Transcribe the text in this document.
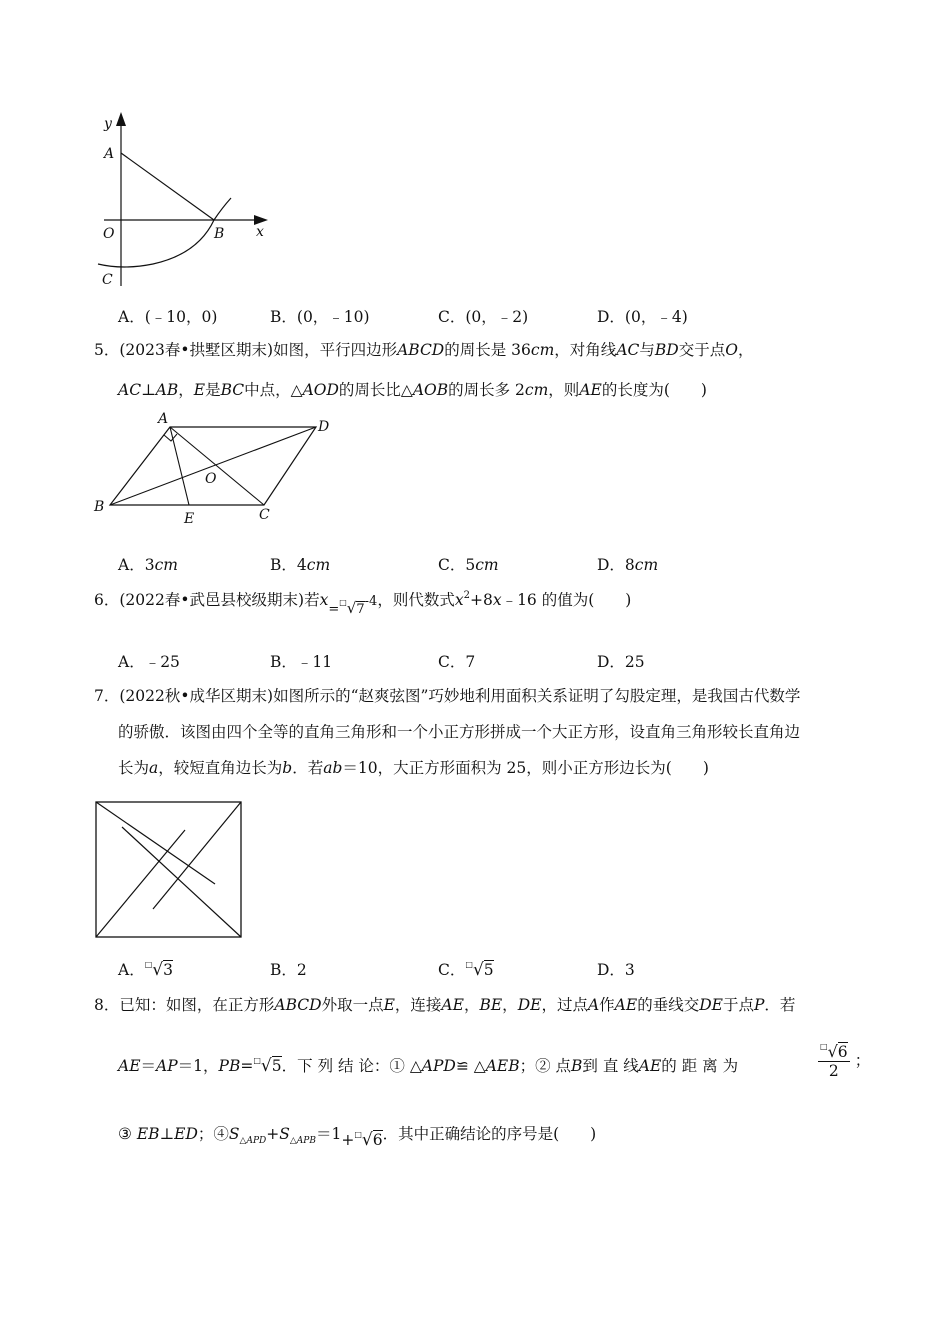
y
A
O	B x
C
A．(﹣10，0)	B．(0，﹣10)	C．(0，﹣2)	D．(0，﹣4)
5．(2023春•拱墅区期末)如图，平行四边形ABCD的周长是 36cm，对角线AC与BD交于点O，
AC⊥AB，E是BC中点，△AOD的周长比△AOB的周长多 2cm，则AE的长度为(　　)
A	D
O
B
E	C
A．3cm	B．4cm	C．5cm	D．8cm
6．(2022春•武邑县校级期末)若$x_{=^□√7-4}$，则代数式$x^2+8x﹣16$ 的值为(　　)
A．﹣25	B．﹣11	C．7	D．25
7．(2022秋•成华区期末)如图所示的“赵爽弦图”巧妙地利用面积关系证明了勾股定理，是我国古代数学
的骄傲．该图由四个全等的直角三角形和一个小正方形拼成一个大正方形，设直角三角形较长直角边
长为a，较短直角边长为b．若ab＝10，大正方形面积为 25，则小正方形边长为(　　)
A．□√3	B．2	C．□√5	D．3
8．已知：如图，在正方形ABCD外取一点E，连接AE，BE，DE，过点A作AE的垂线交DE于点P．若
AE＝AP＝1，PB=□√5．下 列 结 论：① △APD≌ △AEB；② 点B到 直 线AE的 距 离 为	$\frac{^□√6}{2}$ ；
③ EB⊥ED；$④S_{\triangle APD}+S_{\triangle APB}=1+^□√6$．其中正确结论的序号是(　　)
